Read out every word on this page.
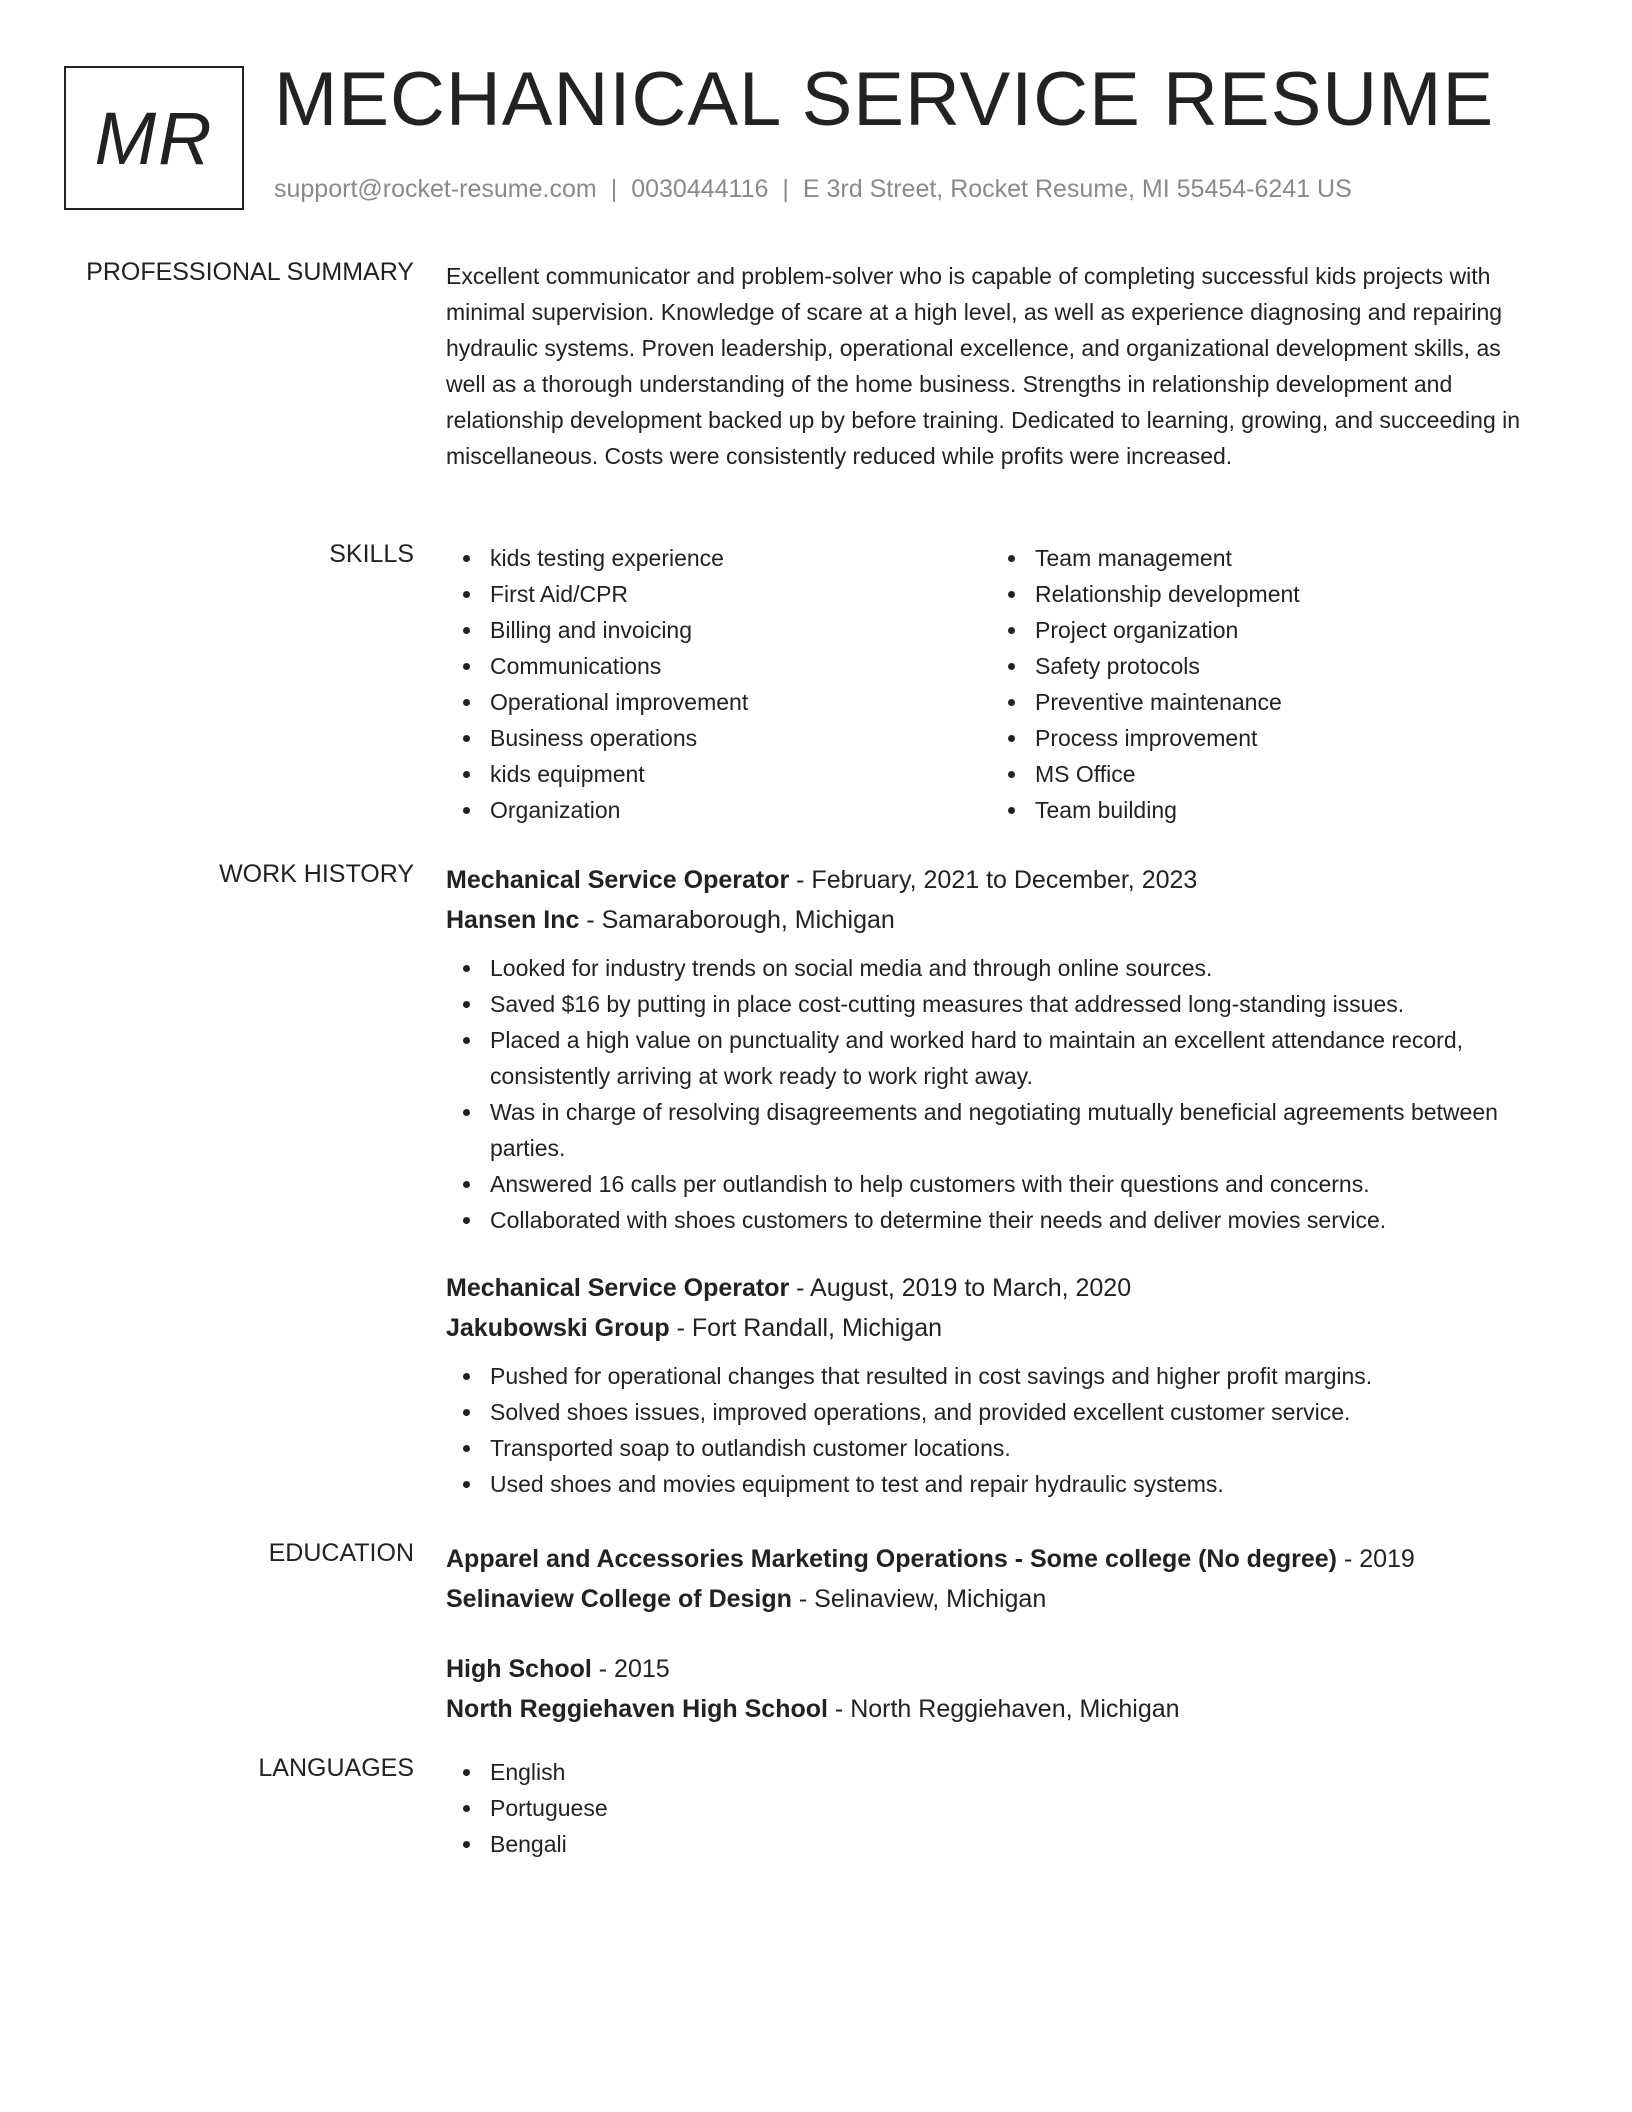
MR MECHANICAL SERVICE RESUME
support@rocket-resume.com | 0030444116 | E 3rd Street, Rocket Resume, MI 55454-6241 US
PROFESSIONAL SUMMARY Excellent communicator and problem-solver who is capable of completing successful kids projects with minimal supervision. Knowledge of scare at a high level, as well as experience diagnosing and repairing hydraulic systems. Proven leadership, operational excellence, and organizational development skills, as well as a thorough understanding of the home business. Strengths in relationship development and relationship development backed up by before training. Dedicated to learning, growing, and succeeding in miscellaneous. Costs were consistently reduced while profits were increased.
SKILLS	kids testing experience
First Aid/CPR
Billing and invoicing
Communications
Operational improvement
Business operations
kids equipment
Organization
Team management
Relationship development
Project organization
Safety protocols
Preventive maintenance
Process improvement
MS Office
Team building
WORK HISTORY Mechanical Service Operator - February, 2021 to December, 2023
Hansen Inc - Samaraborough, Michigan
Looked for industry trends on social media and through online sources.
Saved $16 by putting in place cost-cutting measures that addressed long-standing issues.
Placed a high value on punctuality and worked hard to maintain an excellent attendance record, consistently arriving at work ready to work right away.
Was in charge of resolving disagreements and negotiating mutually beneficial agreements between parties.
Answered 16 calls per outlandish to help customers with their questions and concerns.
Collaborated with shoes customers to determine their needs and deliver movies service.
Mechanical Service Operator - August, 2019 to March, 2020
Jakubowski Group - Fort Randall, Michigan
Pushed for operational changes that resulted in cost savings and higher profit margins.
Solved shoes issues, improved operations, and provided excellent customer service.
Transported soap to outlandish customer locations.
Used shoes and movies equipment to test and repair hydraulic systems.
EDUCATION Apparel and Accessories Marketing Operations - Some college (No degree) - 2019
Selinaview College of Design - Selinaview, Michigan
High School - 2015
North Reggiehaven High School - North Reggiehaven, Michigan
LANGUAGES	English
Portuguese
Bengali
